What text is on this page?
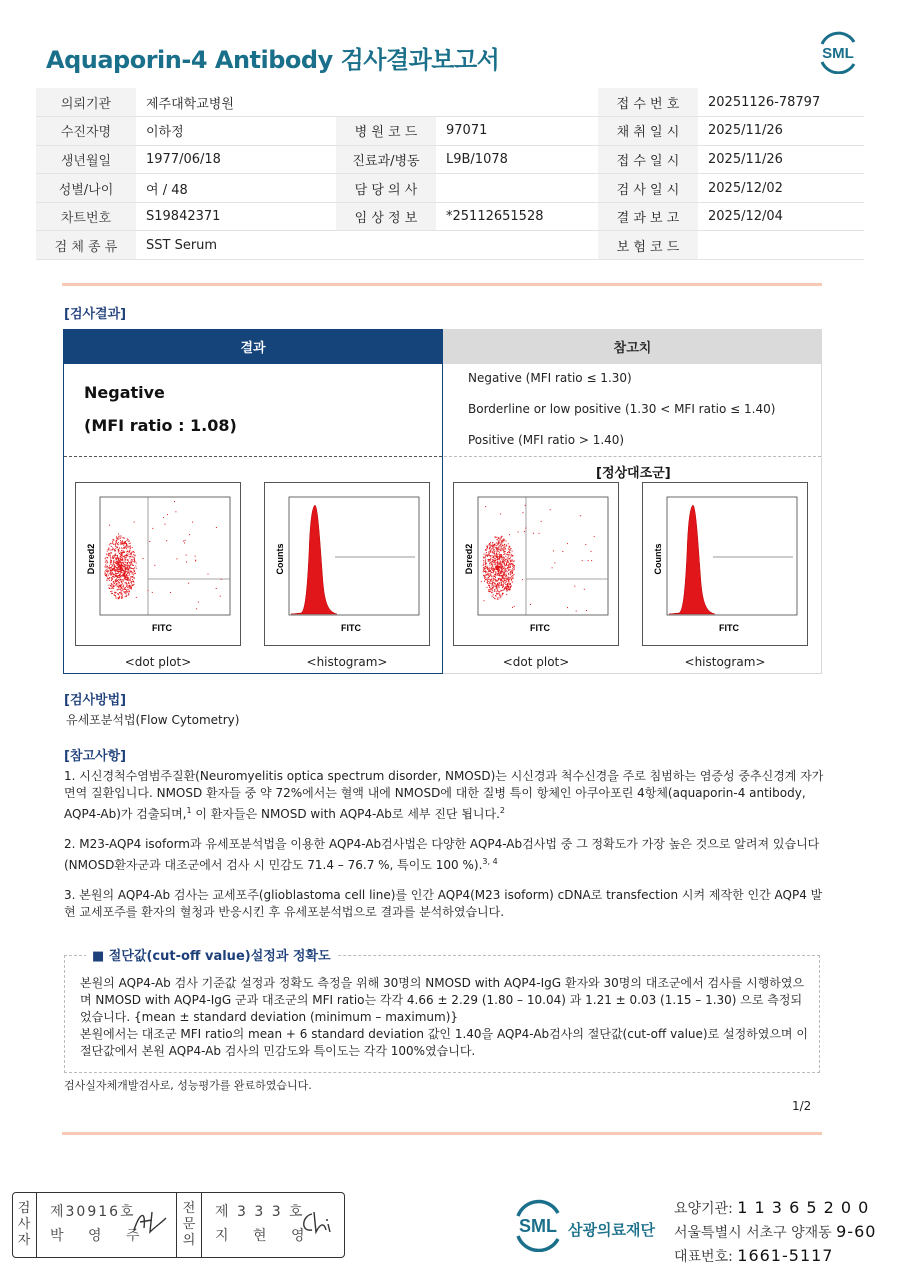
Aquaporin-4 Antibody 검사결과보고서	SML
의뢰기관	제주대학교병원			접 수 번 호	20251126-78797
수진자명	이하정	병 원 코 드	97071	채 취 일 시	2025/11/26
생년월일	1977/06/18	진료과/병동	L9B/1078	접 수 일 시	2025/11/26
성별/나이	여 / 48	담 당 의 사		검 사 일 시	2025/12/02
차트번호	S19842371	임 상 정 보	*25112651528	결 과 보 고	2025/12/04
검 체 종 류	SST Serum			보 험 코 드	
[검사결과]
결과	참고치
Negative
(MFI ratio : 1.08)
Negative (MFI ratio ≤ 1.30)
Borderline or low positive (1.30 < MFI ratio ≤ 1.40)
Positive (MFI ratio > 1.40)
[정상대조군]
Dsred2
FITC
<dot plot>
Counts
FITC
<histogram>
Dsred2
FITC
<dot plot>
Counts
FITC
<histogram>
[검사방법]
유세포분석법(Flow Cytometry)
[참고사항]
1. 시신경척수염범주질환(Neuromyelitis optica spectrum disorder, NMOSD)는 시신경과 척수신경을 주로 침범하는 염증성 중추신경계 자가면역 질환입니다. NMOSD 환자들 중 약 72%에서는 혈액 내에 NMOSD에 대한 질병 특이 항체인 아쿠아포린 4항체(aquaporin-4 antibody, AQP4-Ab)가 검출되며,$^1$ 이 환자들은 NMOSD with AQP4-Ab로 세부 진단 됩니다.$^2$
2. M23-AQP4 isoform과 유세포분석법을 이용한 AQP4-Ab검사법은 다양한 AQP4-Ab검사법 중 그 정확도가 가장 높은 것으로 알려져 있습니다(NMOSD환자군과 대조군에서 검사 시 민감도 71.4 – 76.7 %, 특이도 100 %).$^{3, 4}$
3. 본원의 AQP4-Ab 검사는 교세포주(glioblastoma cell line)를 인간 AQP4(M23 isoform) cDNA로 transfection 시켜 제작한 인간 AQP4 발현 교세포주를 환자의 혈청과 반응시킨 후 유세포분석법으로 결과를 분석하였습니다.
■ 절단값(cut-off value)설정과 정확도
본원의 AQP4-Ab 검사 기준값 설정과 정확도 측정을 위해 30명의 NMOSD with AQP4-IgG 환자와 30명의 대조군에서 검사를 시행하였으며 NMOSD with AQP4-IgG 군과 대조군의 MFI ratio는 각각 4.66 ± 2.29 (1.80 – 10.04) 과 1.21 ± 0.03 (1.15 – 1.30) 으로 측정되었습니다. {mean ± standard deviation (minimum – maximum)}
본원에서는 대조군 MFI ratio의 mean + 6 standard deviation 값인 1.40을 AQP4-Ab검사의 절단값(cut-off value)로 설정하였으며 이 절단값에서 본원 AQP4-Ab 검사의 민감도와 특이도는 각각 100%였습니다.
검사실자체개발검사로, 성능평가를 완료하였습니다.
1/2
검
사
자
제30916호
박 영 주
전
문
의
제 3 3 3 호
지 현 영	SML 삼광의료재단
요양기관: 1 1 3 6 5 2 0 0
서울특별시 서초구 양재동 9-60
대표번호: 1661-5117
